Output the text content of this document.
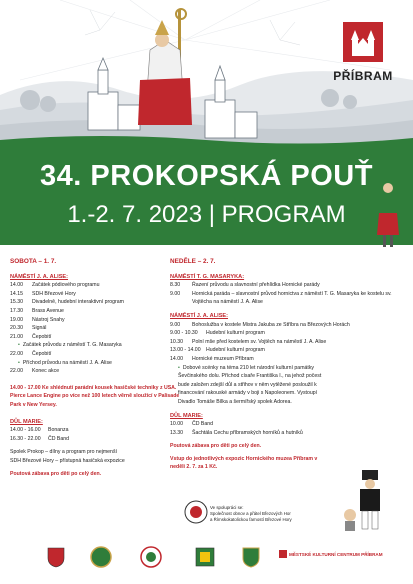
PŘÍBRAM
34. PROKOPSKÁ POUŤ
1.-2. 7. 2023 | PROGRAM
SOBOTA – 1. 7.
NÁMĚSTÍ J. A. ALISE:
14.00	Začátek pódiového programu
14.15	SDH Březové Hory
15.30	Divadelně, hudební interaktivní program
17.30	Brass Avenue
19.00	Nástroj Snahy
20.30	Signál
21.00	Čepobití
• Začátek průvodu z náměstí T. G. Masaryka
22.00	Čepobití
• Příchod průvodu na náměstí J. A. Alise
22.00	Konec akce
14.00 - 17.00 Ke shlédnutí parádní kousek hasičské techniky z USA. Pierce Lance Engine po více než 100 letech věrně sloužící v Palisade Park v New Yersey.
DŮL MARIE:
14.00 - 16.00	Bonanza
16.30 - 22.00	ČD Band
Spolek Prokop – dílny a program pro nejmenší
SDH Březové Hory – přístupná hasičská expozice
Poutová zábava pro děti po celý den.
NEDĚLE – 2. 7.
NÁMĚSTÍ T. G. MASARYKA:
8.30	Řazení průvodu a slavnostní přehlídka Hornické parády
9.00	Hornická paráda – slavnostní průvod hornictva z náměstí T. G. Masaryka ke kostelu sv. Vojtěcha na náměstí J. A. Alise
NÁMĚSTÍ J. A. ALISE:
9.00	Bohoslužba v kostele Mistra Jakuba ze Stříbra na Březových Horách
9.00 - 10.30	Hudební kulturní program
10.30	Polní mše před kostelem sv. Vojtěch na náměstí J. A. Alise
13.00 - 14.00	Hudební kulturní program
14.00	Hornické muzeum Příbram
• Dobové scénky na téma 210 let národní kulturní památky Ševčinského dolu. Příchod císaře Františka I., na jehož počest bude založen zdejší důl a střihov v něm vytěžené posloužil k financování rakouské armády v boji s Napoleonem. Vystoupí Divadlo Tomáše Bílka a šermířský spolek Adorea.
DŮL MARIE:
10.00	ČD Band
13.30	Šachtála Cechu příbramských horníků a hutníků
Poutová zábava pro děti po celý den.
Vstup do jednotlivých expozic Hornického muzea Příbram v neděli 2. 7. za 1 Kč.
Ve spolupráci se:
Společnost obnov a přátel Březových Hor
a Římskokatolickou farností Březové Hory
MĚSTSKÉ KULTURNÍ CENTRUM PŘÍBRAM
